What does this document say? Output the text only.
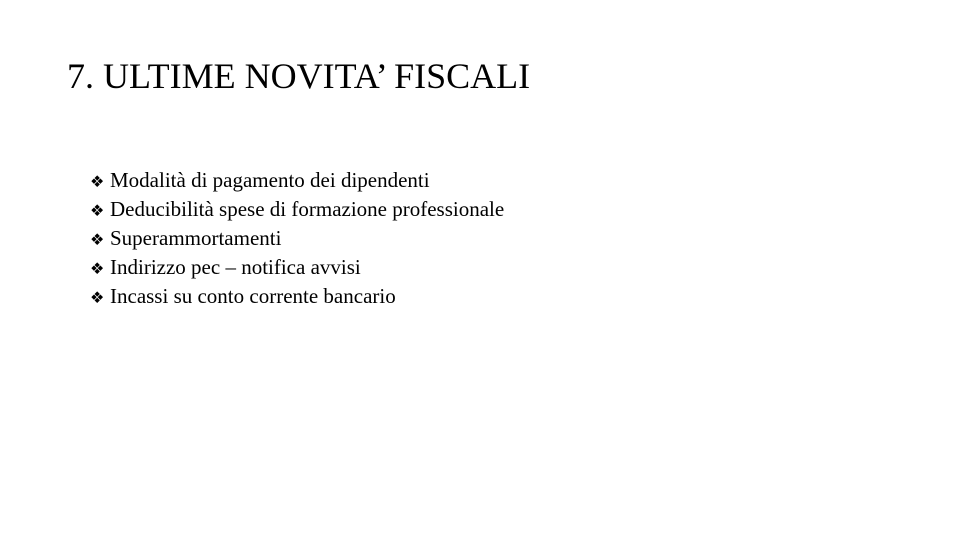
7. ULTIME NOVITA’ FISCALI
❖ Modalità di pagamento dei dipendenti
❖ Deducibilità spese di formazione professionale
❖ Superammortamenti
❖ Indirizzo pec – notifica avvisi
❖ Incassi su conto corrente bancario
